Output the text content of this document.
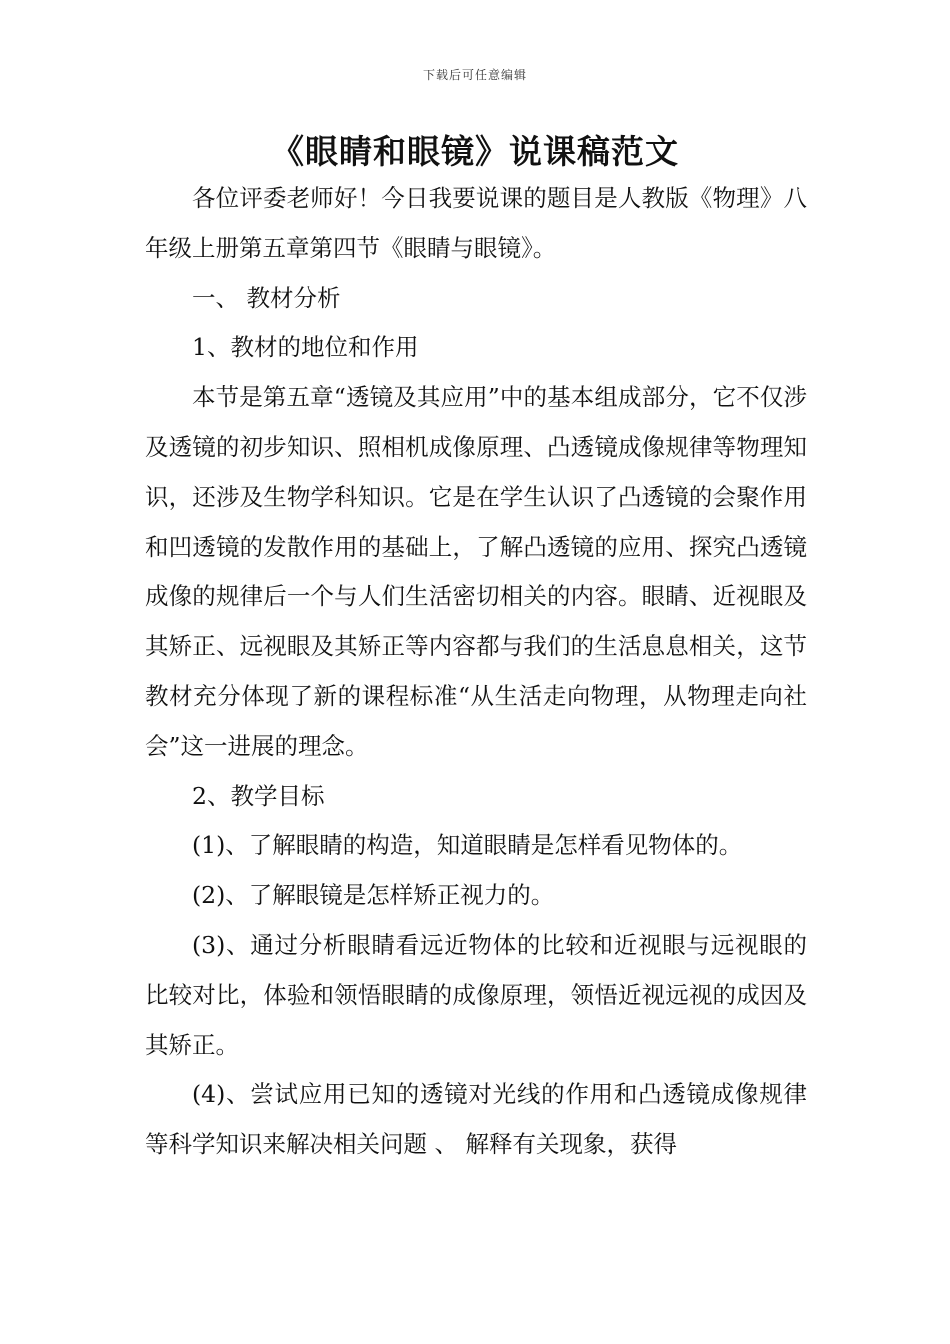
下载后可任意编辑
《眼睛和眼镜》说课稿范文

各位评委老师好！今日我要说课的题目是人教版《物理》八年级上册第五章第四节《眼睛与眼镜》。

一、 教材分析

1、教材的地位和作用

本节是第五章“透镜及其应用”中的基本组成部分，它不仅涉及透镜的初步知识、照相机成像原理、凸透镜成像规律等物理知识，还涉及生物学科知识。它是在学生认识了凸透镜的会聚作用和凹透镜的发散作用的基础上，了解凸透镜的应用、探究凸透镜成像的规律后一个与人们生活密切相关的内容。眼睛、近视眼及其矫正、远视眼及其矫正等内容都与我们的生活息息相关，这节教材充分体现了新的课程标准“从生活走向物理，从物理走向社会”这一进展的理念。

2、教学目标

(1)、了解眼睛的构造，知道眼睛是怎样看见物体的。

(2)、了解眼镜是怎样矫正视力的。

(3)、通过分析眼睛看远近物体的比较和近视眼与远视眼的比较对比，体验和领悟眼睛的成像原理，领悟近视远视的成因及其矫正。

(4)、尝试应用已知的透镜对光线的作用和凸透镜成像规律等科学知识来解决相关问题 、 解释有关现象，获得
